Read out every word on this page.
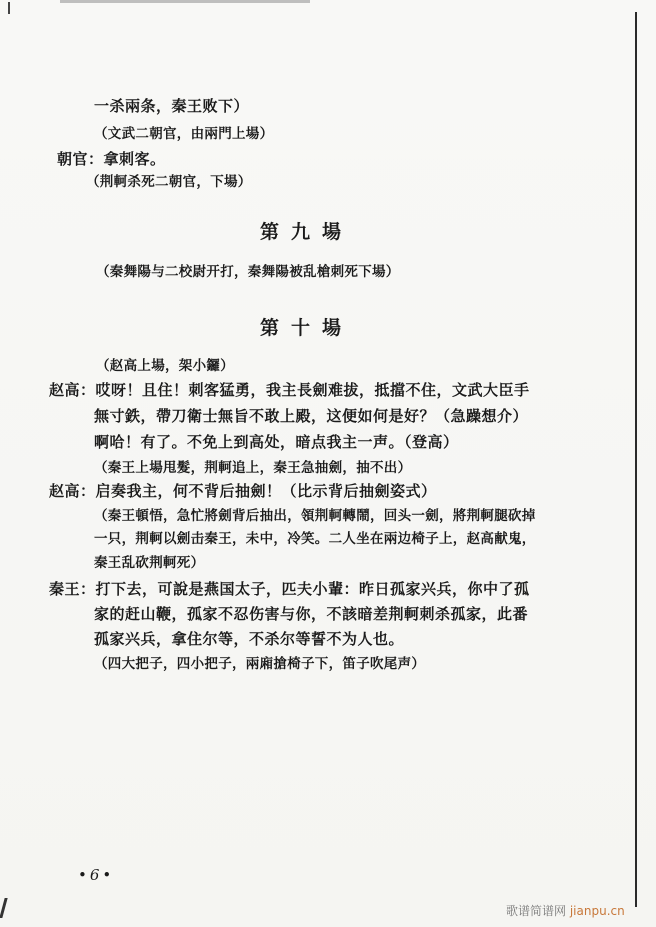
一杀兩条，秦王败下）
（文武二朝官，由兩門上場）
朝官：拿刺客。
（荆軻杀死二朝官，下場）
第九場
（秦舞陽与二校尉开打，秦舞陽被乱槍刺死下場）
第十場
（赵高上場，架小鑼）
赵高：哎呀！且住！刺客猛勇，我主長劍难拔，抵擋不住，文武大臣手
無寸鉄，帶刀衛士無旨不敢上殿，这便如何是好？（急躁想介）
啊哈！有了。不免上到高处，暗点我主一声。（登高）
（秦王上場甩髮，荆軻追上，秦王急抽劍，抽不出）
赵高：启奏我主，何不背后抽劍！（比示背后抽劍姿式）
（秦王頓悟，急忙將劍背后抽出，領荆軻轉鬧，回头一劍，將荆軻腿砍掉
一只，荆軻以劍击秦王，未中，冷笑。二人坐在兩边椅子上，赵高献鬼，
秦王乱砍荆軻死）
秦王：打下去，可說是燕国太子，匹夫小輩：昨日孤家兴兵，你中了孤
家的赶山鞭，孤家不忍伤害与你，不該暗差荆軻刺杀孤家，此番
孤家兴兵，拿住尔等，不杀尔等誓不为人也。
（四大把子，四小把子，兩廂搶椅子下，笛子吹尾声）
•6•
歌谱简谱网 jianpu.cn
